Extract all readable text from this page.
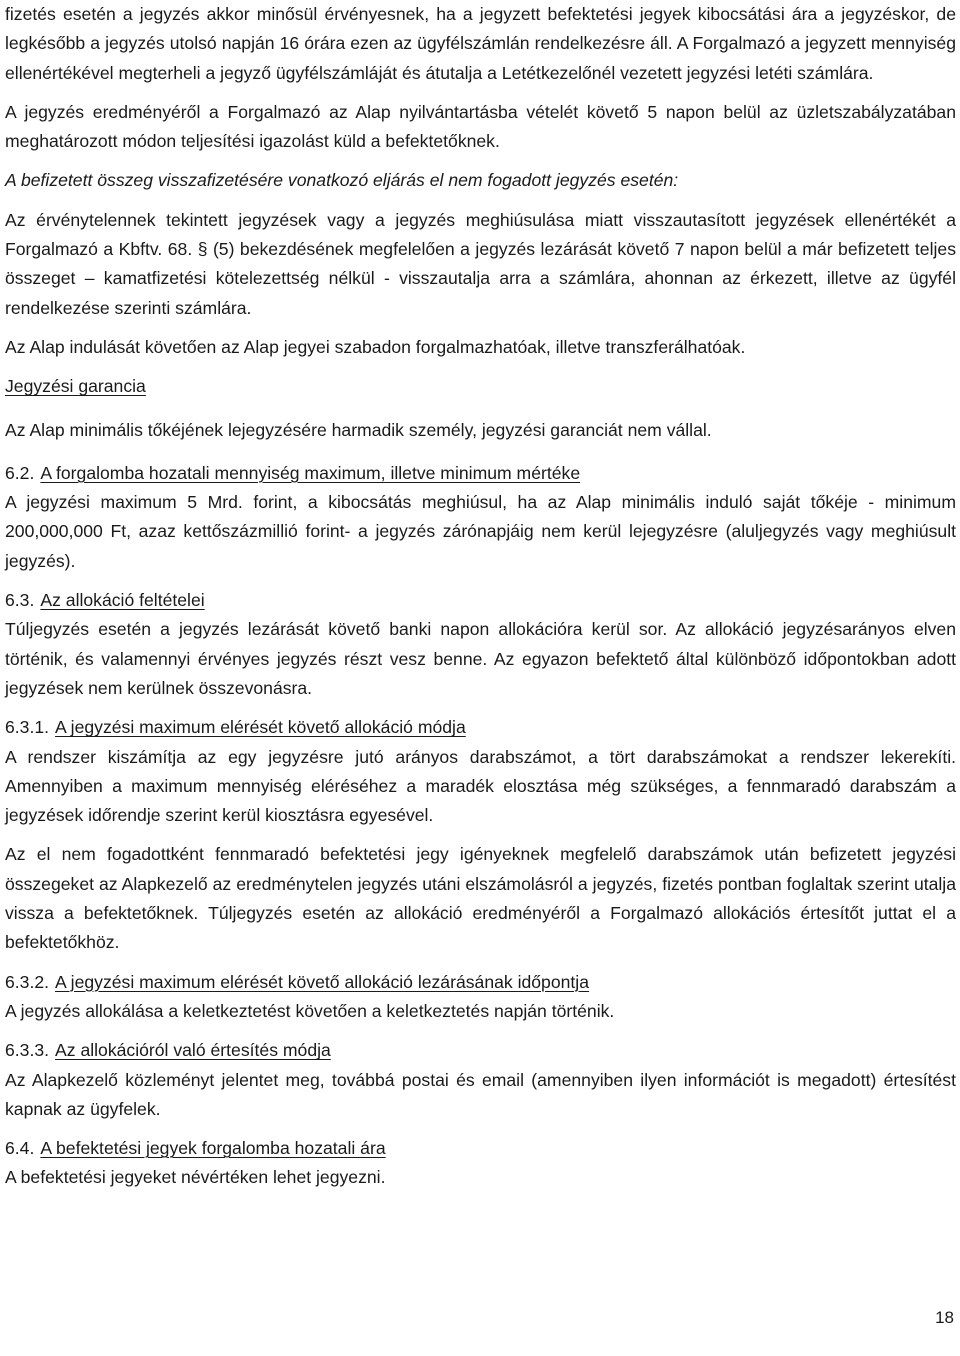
fizetés esetén a jegyzés akkor minősül érvényesnek, ha a jegyzett befektetési jegyek kibocsátási ára a jegyzéskor, de legkésőbb a jegyzés utolsó napján 16 órára ezen az ügyfélszámlán rendelkezésre áll. A Forgalmazó a jegyzett mennyiség ellenértékével megterheli a jegyző ügyfélszámláját és átutalja a Letétkezelőnél vezetett jegyzési letéti számlára.

A jegyzés eredményéről a Forgalmazó az Alap nyilvántartásba vételét követő 5 napon belül az üzletszabályzatában meghatározott módon teljesítési igazolást küld a befektetőknek.

A befizetett összeg visszafizetésére vonatkozó eljárás el nem fogadott jegyzés esetén:

Az érvénytelennek tekintett jegyzések vagy a jegyzés meghiúsulása miatt visszautasított jegyzések ellenértékét a Forgalmazó a Kbftv. 68. § (5) bekezdésének megfelelően a jegyzés lezárását követő 7 napon belül a már befizetett teljes összeget – kamatfizetési kötelezettség nélkül - visszautalja arra a számlára, ahonnan az érkezett, illetve az ügyfél rendelkezése szerinti számlára.

Az Alap indulását követően az Alap jegyei szabadon forgalmazhatóak, illetve transzferálhatóak.

Jegyzési garancia

Az Alap minimális tőkéjének lejegyzésére harmadik személy, jegyzési garanciát nem vállal.

6.2. A forgalomba hozatali mennyiség maximum, illetve minimum mértéke

A jegyzési maximum 5 Mrd. forint, a kibocsátás meghiúsul, ha az Alap minimális induló saját tőkéje - minimum 200,000,000 Ft, azaz kettőszázmillió forint- a jegyzés zárónapjáig nem kerül lejegyzésre (aluljegyzés vagy meghiúsult jegyzés).

6.3. Az allokáció feltételei

Túljegyzés esetén a jegyzés lezárását követő banki napon allokációra kerül sor. Az allokáció jegyzésarányos elven történik, és valamennyi érvényes jegyzés részt vesz benne. Az egyazon befektető által különböző időpontokban adott jegyzések nem kerülnek összevonásra.

6.3.1. A jegyzési maximum elérését követő allokáció módja

A rendszer kiszámítja az egy jegyzésre jutó arányos darabszámot, a tört darabszámokat a rendszer lekerekíti. Amennyiben a maximum mennyiség eléréséhez a maradék elosztása még szükséges, a fennmaradó darabszám a jegyzések időrendje szerint kerül kiosztásra egyesével.

Az el nem fogadottként fennmaradó befektetési jegy igényeknek megfelelő darabszámok után befizetett jegyzési összegeket az Alapkezelő az eredménytelen jegyzés utáni elszámolásról a jegyzés, fizetés pontban foglaltak szerint utalja vissza a befektetőknek. Túljegyzés esetén az allokáció eredményéről a Forgalmazó allokációs értesítőt juttat el a befektetőkhöz.

6.3.2. A jegyzési maximum elérését követő allokáció lezárásának időpontja

A jegyzés allokálása a keletkeztetést követően a keletkeztetés napján történik.

6.3.3. Az allokációról való értesítés módja

Az Alapkezelő közleményt jelentet meg, továbbá postai és email (amennyiben ilyen információt is megadott) értesítést kapnak az ügyfelek.

6.4. A befektetési jegyek forgalomba hozatali ára

A befektetési jegyeket névértéken lehet jegyezni.

18
